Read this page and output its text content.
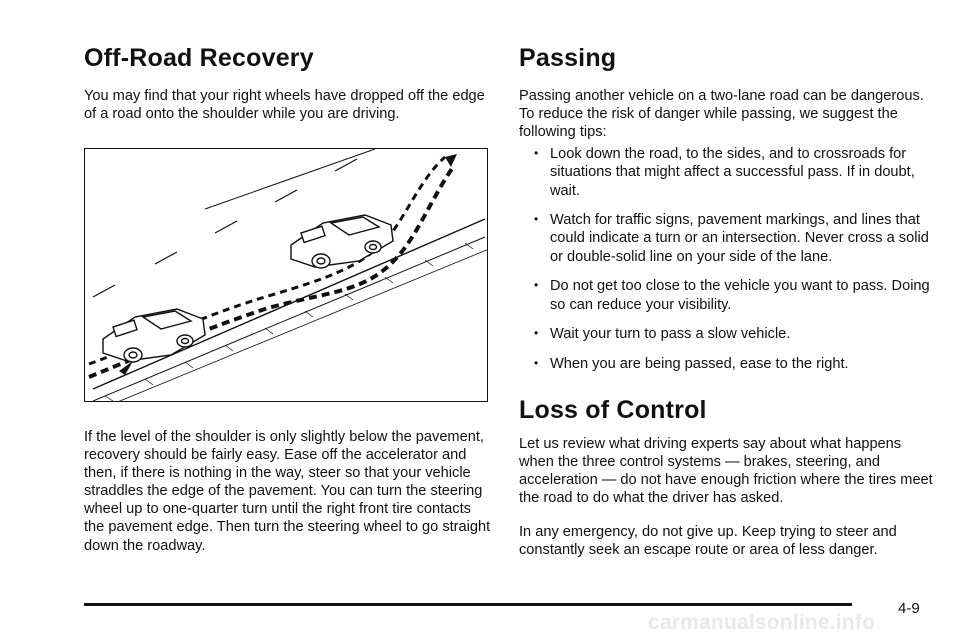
Off-Road Recovery

You may find that your right wheels have dropped off the edge of a road onto the shoulder while you are driving.

If the level of the shoulder is only slightly below the pavement, recovery should be fairly easy. Ease off the accelerator and then, if there is nothing in the way, steer so that your vehicle straddles the edge of the pavement. You can turn the steering wheel up to one-quarter turn until the right front tire contacts the pavement edge. Then turn the steering wheel to go straight down the roadway.

Passing

Passing another vehicle on a two-lane road can be dangerous. To reduce the risk of danger while passing, we suggest the following tips:

• Look down the road, to the sides, and to crossroads for situations that might affect a successful pass. If in doubt, wait.
• Watch for traffic signs, pavement markings, and lines that could indicate a turn or an intersection. Never cross a solid or double-solid line on your side of the lane.
• Do not get too close to the vehicle you want to pass. Doing so can reduce your visibility.
• Wait your turn to pass a slow vehicle.
• When you are being passed, ease to the right.
Loss of Control

Let us review what driving experts say about what happens when the three control systems — brakes, steering, and acceleration — do not have enough friction where the tires meet the road to do what the driver has asked.

In any emergency, do not give up. Keep trying to steer and constantly seek an escape route or area of less danger.

4-9
carmanualsonline.info
